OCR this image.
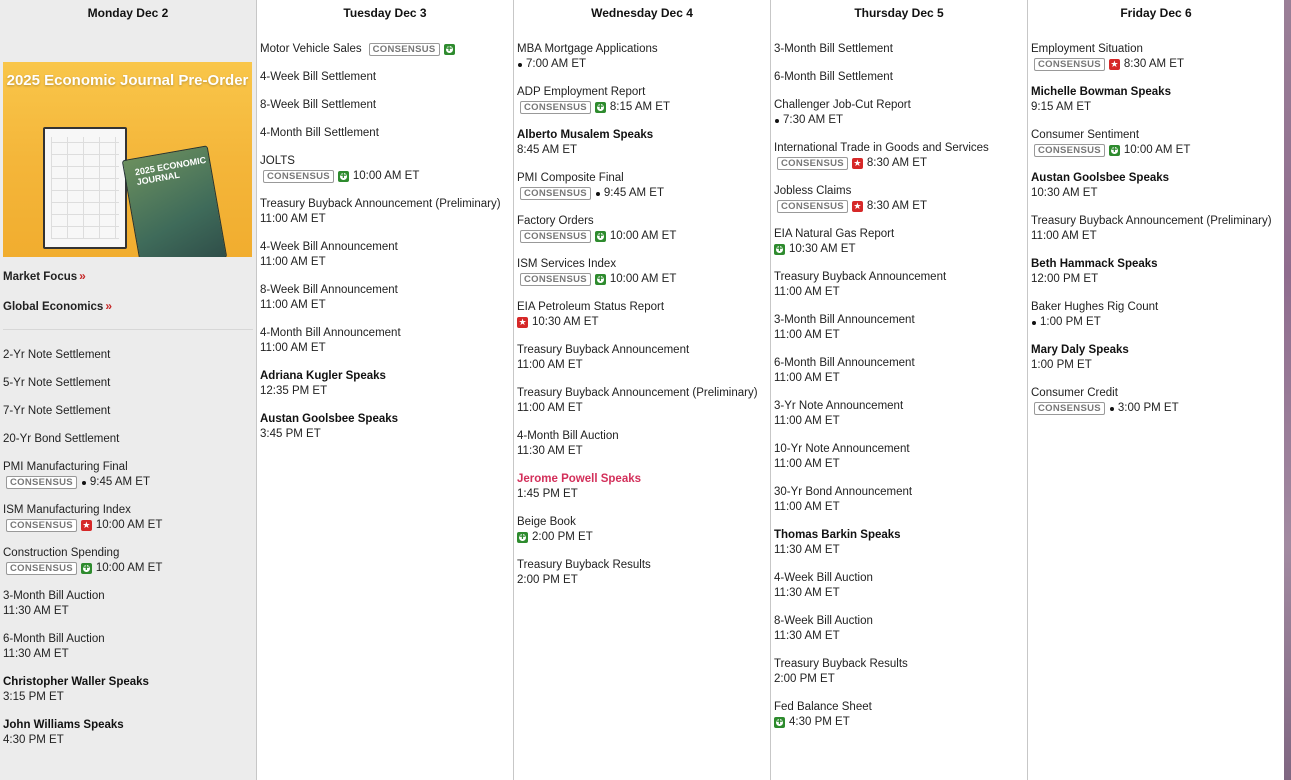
Monday Dec 2
2025 Economic Journal Pre-Order
2025 ECONOMIC JOURNAL
Market Focus »
Global Economics »
2-Yr Note Settlement
5-Yr Note Settlement
7-Yr Note Settlement
20-Yr Bond Settlement
PMI Manufacturing Final
CONSENSUS	9:45 AM ET
ISM Manufacturing Index
CONSENSUS	★ 10:00 AM ET
Construction Spending
CONSENSUS +	10:00 AM ET
3-Month Bill Auction
11:30 AM ET
6-Month Bill Auction
11:30 AM ET
Christopher Waller Speaks
3:15 PM ET
John Williams Speaks
4:30 PM ET
Tuesday Dec 3
Motor Vehicle Sales	CONSENSUS
+
4-Week Bill Settlement
8-Week Bill Settlement
4-Month Bill Settlement
JOLTS
CONSENSUS +	10:00 AM ET
Treasury Buyback Announcement (Preliminary)
11:00 AM ET
4-Week Bill Announcement
11:00 AM ET
8-Week Bill Announcement
11:00 AM ET
4-Month Bill Announcement
11:00 AM ET
Adriana Kugler Speaks
12:35 PM ET
Austan Goolsbee Speaks
3:45 PM ET
Wednesday Dec 4
MBA Mortgage Applications
7:00 AM ET
ADP Employment Report
CONSENSUS +	8:15 AM ET
Alberto Musalem Speaks
8:45 AM ET
PMI Composite Final
CONSENSUS	9:45 AM ET
Factory Orders
CONSENSUS +	10:00 AM ET
ISM Services Index
CONSENSUS +	10:00 AM ET
EIA Petroleum Status Report
★ 10:30 AM ET
Treasury Buyback Announcement
11:00 AM ET
Treasury Buyback Announcement (Preliminary)
11:00 AM ET
4-Month Bill Auction
11:30 AM ET
Jerome Powell Speaks
1:45 PM ET
Beige Book
+
2:00 PM ET
Treasury Buyback Results
2:00 PM ET
Thursday Dec 5
3-Month Bill Settlement
6-Month Bill Settlement
Challenger Job-Cut Report
7:30 AM ET
International Trade in Goods and Services
CONSENSUS	★ 8:30 AM ET
Jobless Claims
CONSENSUS	★ 8:30 AM ET
EIA Natural Gas Report
+
10:30 AM ET
Treasury Buyback Announcement
11:00 AM ET
3-Month Bill Announcement
11:00 AM ET
6-Month Bill Announcement
11:00 AM ET
3-Yr Note Announcement
11:00 AM ET
10-Yr Note Announcement
11:00 AM ET
30-Yr Bond Announcement
11:00 AM ET
Thomas Barkin Speaks
11:30 AM ET
4-Week Bill Auction
11:30 AM ET
8-Week Bill Auction
11:30 AM ET
Treasury Buyback Results
2:00 PM ET
Fed Balance Sheet
+
4:30 PM ET
Friday Dec 6
Employment Situation
CONSENSUS	★ 8:30 AM ET
Michelle Bowman Speaks
9:15 AM ET
Consumer Sentiment
CONSENSUS +	10:00 AM ET
Austan Goolsbee Speaks
10:30 AM ET
Treasury Buyback Announcement (Preliminary)
11:00 AM ET
Beth Hammack Speaks
12:00 PM ET
Baker Hughes Rig Count
1:00 PM ET
Mary Daly Speaks
1:00 PM ET
Consumer Credit
CONSENSUS	3:00 PM ET
